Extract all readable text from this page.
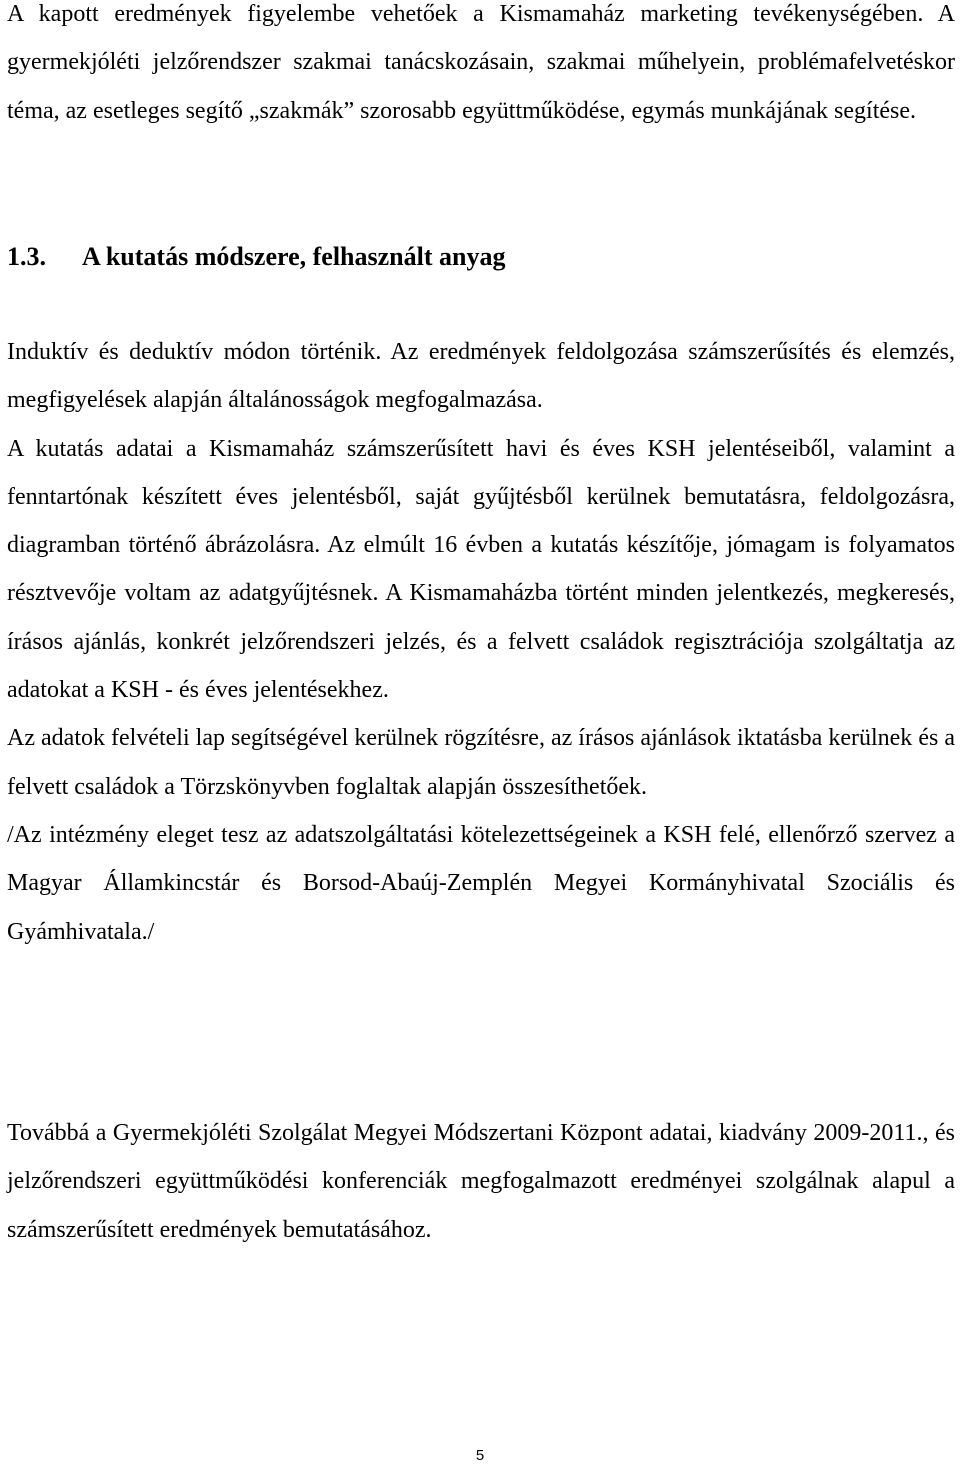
A kapott eredmények figyelembe vehetőek a Kismamaház marketing tevékenységében. A gyermekjóléti jelzőrendszer szakmai tanácskozásain, szakmai műhelyein, problémafelvetéskor téma, az esetleges segítő „szakmák” szorosabb együttműködése, egymás munkájának segítése.

1.3. A kutatás módszere, felhasznált anyag

Induktív és deduktív módon történik. Az eredmények feldolgozása számszerűsítés és elemzés, megfigyelések alapján általánosságok megfogalmazása.

A kutatás adatai a Kismamaház számszerűsített havi és éves KSH jelentéseiből, valamint a fenntartónak készített éves jelentésből, saját gyűjtésből kerülnek bemutatásra, feldolgozásra, diagramban történő ábrázolásra. Az elmúlt 16 évben a kutatás készítője, jómagam is folyamatos résztvevője voltam az adatgyűjtésnek. A Kismamaházba történt minden jelentkezés, megkeresés, írásos ajánlás, konkrét jelzőrendszeri jelzés, és a felvett családok regisztrációja szolgáltatja az adatokat a KSH - és éves jelentésekhez.

Az adatok felvételi lap segítségével kerülnek rögzítésre, az írásos ajánlások iktatásba kerülnek és a felvett családok a Törzskönyvben foglaltak alapján összesíthetőek.

/Az intézmény eleget tesz az adatszolgáltatási kötelezettségeinek a KSH felé, ellenőrző szervez a Magyar Államkincstár és Borsod-Abaúj-Zemplén Megyei Kormányhivatal Szociális és Gyámhivatala./

Továbbá a Gyermekjóléti Szolgálat Megyei Módszertani Központ adatai, kiadvány 2009-2011., és jelzőrendszeri együttműködési konferenciák megfogalmazott eredményei szolgálnak alapul a számszerűsített eredmények bemutatásához.

5
